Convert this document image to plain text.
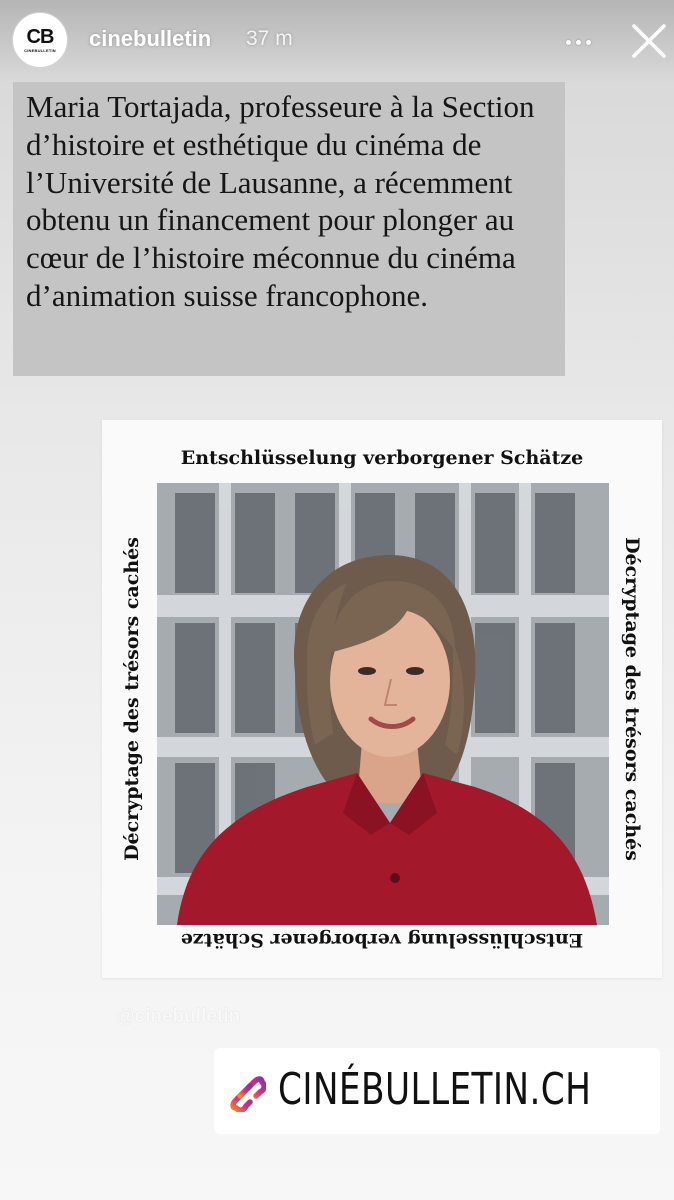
CB
CINEBULLETIN cinebulletin 37 m

Maria Tortajada, professeure à la Section d’histoire et esthétique du cinéma de l’Université de Lausanne, a récemment obtenu un financement pour plonger au cœur de l’histoire méconnue du cinéma d’animation suisse francophone.

Entschlüsselung verborgener Schätze
Entschlüsselung verborgener Schätze
Décryptage des trésors cachés	Décryptage des trésors cachés
@cinebulletin
CINÉBULLETIN.CH
